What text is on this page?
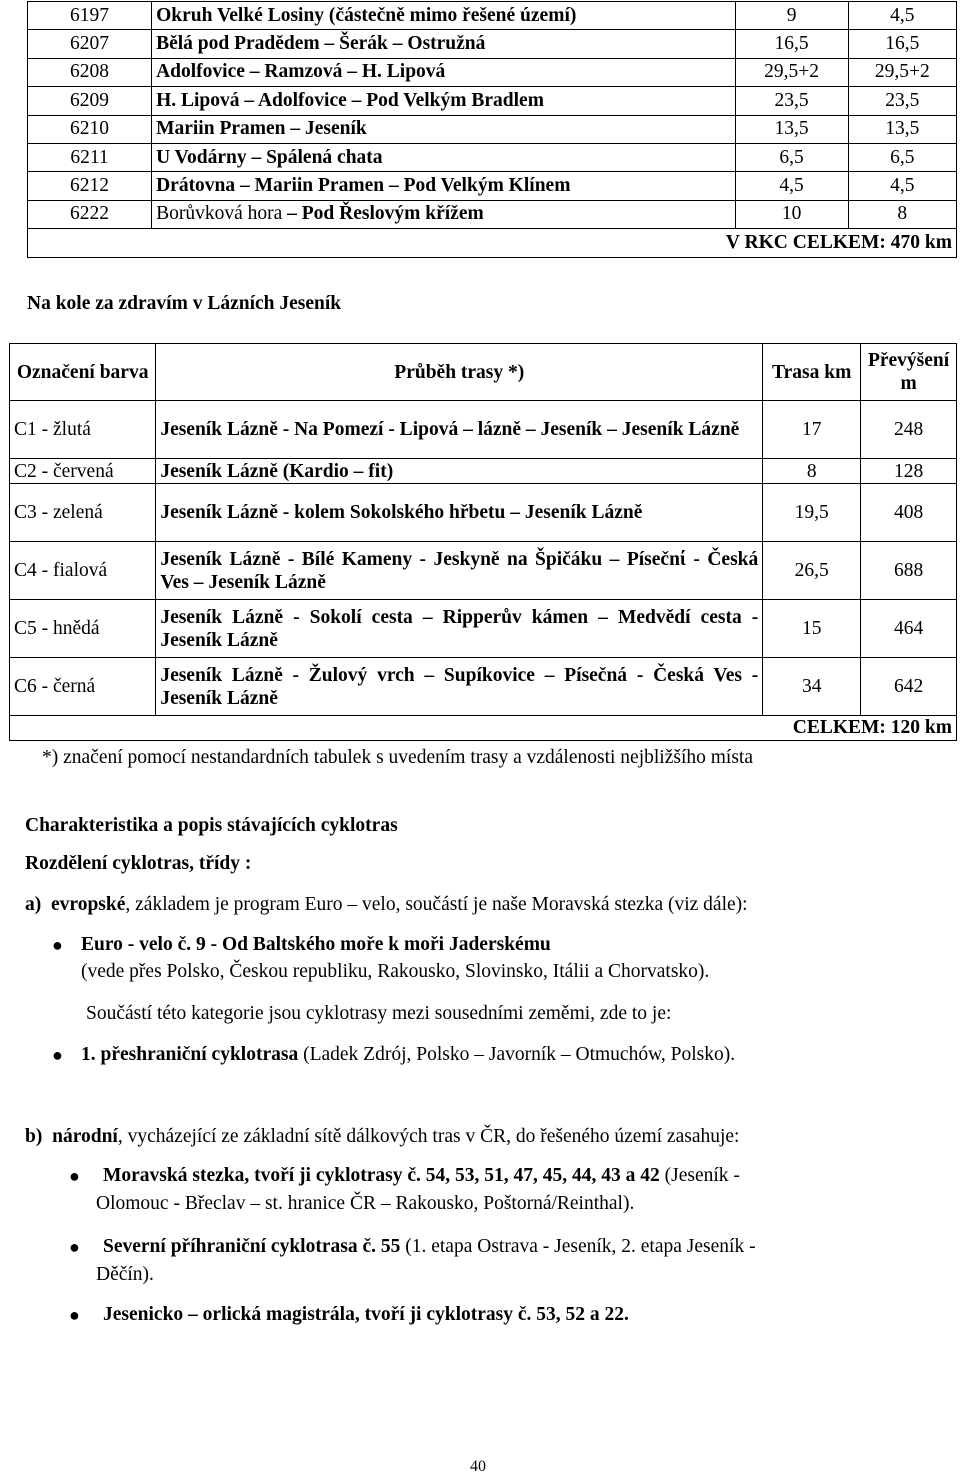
6197	Okruh Velké Losiny (částečně mimo řešené území)	9	4,5
6207	Bělá pod Pradědem – Šerák – Ostružná	16,5	16,5
6208	Adolfovice – Ramzová – H. Lipová	29,5+2	29,5+2
6209	H. Lipová – Adolfovice – Pod Velkým Bradlem	23,5	23,5
6210	Mariin Pramen – Jeseník	13,5	13,5
6211	U Vodárny – Spálená chata	6,5	6,5
6212	Drátovna – Mariin Pramen – Pod Velkým Klínem	4,5	4,5
6222	Borůvková hora – Pod Řeslovým křížem	10	8
V RKC CELKEM: 470 km			
Na kole za zdravím v Lázních Jeseník
Označení barva	Průběh trasy *)	Trasa km	Převýšení m
C1 - žlutá	Jeseník Lázně - Na Pomezí - Lipová – lázně – Jeseník – Jeseník Lázně	17	248
C2 - červená	Jeseník Lázně (Kardio – fit)	8	128
C3 - zelená	Jeseník Lázně - kolem Sokolského hřbetu – Jeseník Lázně	19,5	408
C4 - fialová	Jeseník Lázně - Bílé Kameny - Jeskyně na Špičáku – Písečnί - Česká Ves – Jeseník Lázně	26,5	688
C5 - hnědá	Jeseník Lázně - Sokolí cesta – Ripperův kámen – Medvědí cesta - Jeseník Lázně	15	464
C6 - černá	Jeseník Lázně - Žulový vrch – Supíkovice – Písečná - Česká Ves - Jeseník Lázně	34	642
CELKEM: 120 km			
*) značení pomocí nestandardních tabulek s uvedením trasy a vzdálenosti nejbližšího místa
Charakteristika a popis stávajících cyklotras
Rozdělení cyklotras, třídy :
a) evropské, základem je program Euro – velo, součástí je naše Moravská stezka (viz dále):
● Euro - velo č. 9 - Od Baltského moře k moři Jaderskému
(vede přes Polsko, Českou republiku, Rakousko, Slovinsko, Itálii a Chorvatsko).
Součástí této kategorie jsou cyklotrasy mezi sousedními zeměmi, zde to je:
● 1. přeshraniční cyklotrasa (Ladek Zdrój, Polsko – Javorník – Otmuchów, Polsko).
b) národní, vycházející ze základní sítě dálkových tras v ČR, do řešeného území zasahuje:
● Moravská stezka, tvoří ji cyklotrasy č. 54, 53, 51, 47, 45, 44, 43 a 42 (Jeseník -
Olomouc - Břeclav – st. hranice ČR – Rakousko, Poštorná/Reinthal).
● Severní příhraniční cyklotrasa č. 55 (1. etapa Ostrava - Jeseník, 2. etapa Jeseník -
Děčín).
● Jesenicko – orlická magistrála, tvoří ji cyklotrasy č. 53, 52 a 22.
40
